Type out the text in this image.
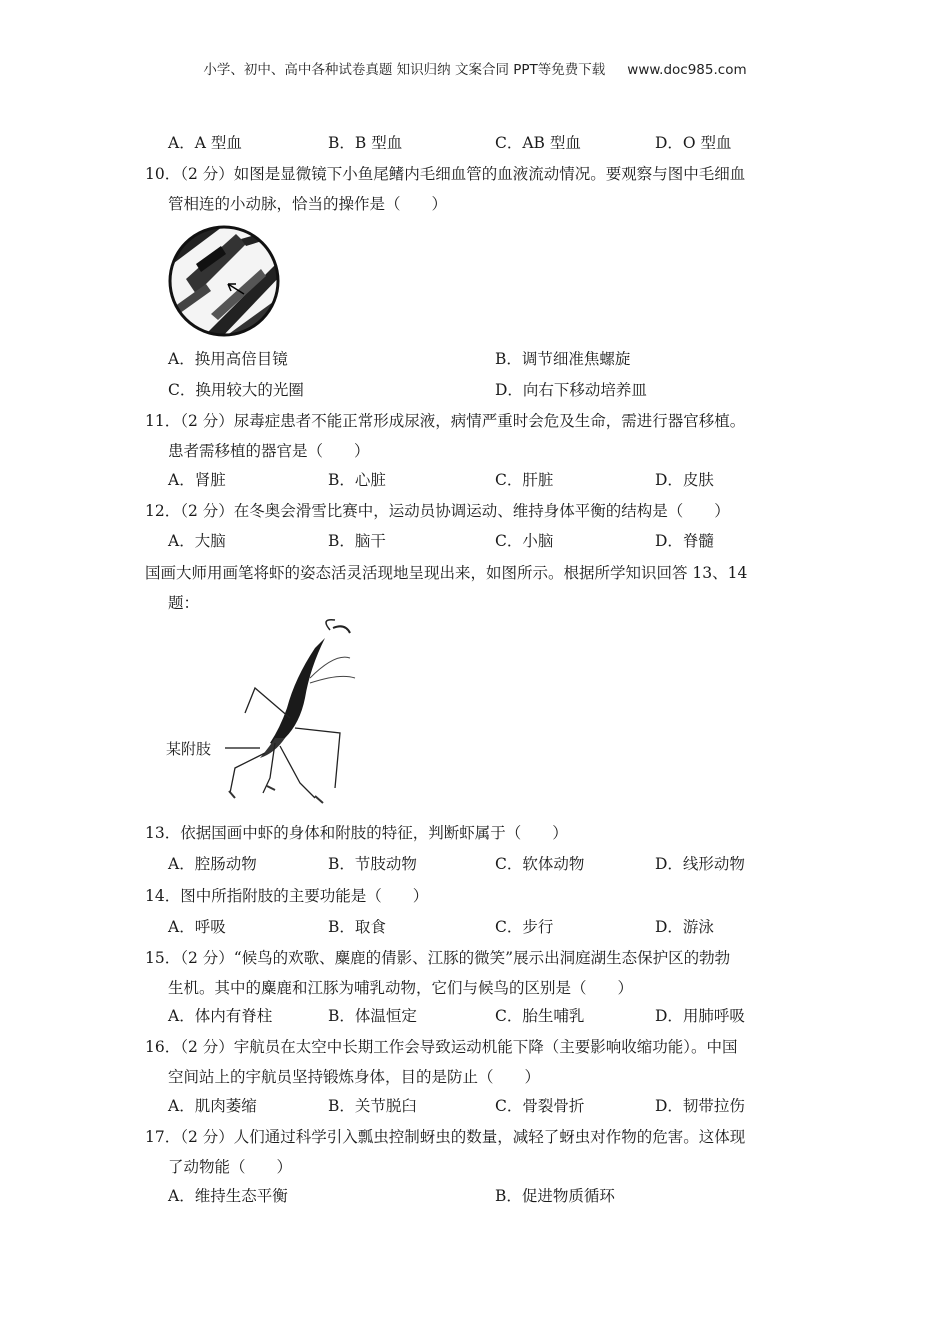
小学、初中、高中各种试卷真题 知识归纳 文案合同 PPT等免费下载 www.doc985.com
A．A 型血	B．B 型血	C．AB 型血	D．O 型血
10．（2 分）如图是显微镜下小鱼尾鳍内毛细血管的血液流动情况。要观察与图中毛细血
管相连的小动脉，恰当的操作是（　　）
A．换用高倍目镜	B．调节细准焦螺旋
C．换用较大的光圈	D．向右下移动培养皿
11．（2 分）尿毒症患者不能正常形成尿液，病情严重时会危及生命，需进行器官移植。
患者需移植的器官是（　　）
A．肾脏	B．心脏	C．肝脏	D．皮肤
12．（2 分）在冬奥会滑雪比赛中，运动员协调运动、维持身体平衡的结构是（　　）
A．大脑	B．脑干	C．小脑	D．脊髓
国画大师用画笔将虾的姿态活灵活现地呈现出来，如图所示。根据所学知识回答 13、14
题：
某附肢
13．依据国画中虾的身体和附肢的特征，判断虾属于（　　）
A．腔肠动物	B．节肢动物	C．软体动物	D．线形动物
14．图中所指附肢的主要功能是（　　）
A．呼吸	B．取食	C．步行	D．游泳
15．（2 分）“候鸟的欢歌、麋鹿的倩影、江豚的微笑”展示出洞庭湖生态保护区的勃勃
生机。其中的麋鹿和江豚为哺乳动物，它们与候鸟的区别是（　　）
A．体内有脊柱	B．体温恒定	C．胎生哺乳	D．用肺呼吸
16．（2 分）宇航员在太空中长期工作会导致运动机能下降（主要影响收缩功能）。中国
空间站上的宇航员坚持锻炼身体，目的是防止（　　）
A．肌肉萎缩	B．关节脱臼	C．骨裂骨折	D．韧带拉伤
17．（2 分）人们通过科学引入瓢虫控制蚜虫的数量，减轻了蚜虫对作物的危害。这体现
了动物能（　　）
A．维持生态平衡	B．促进物质循环
